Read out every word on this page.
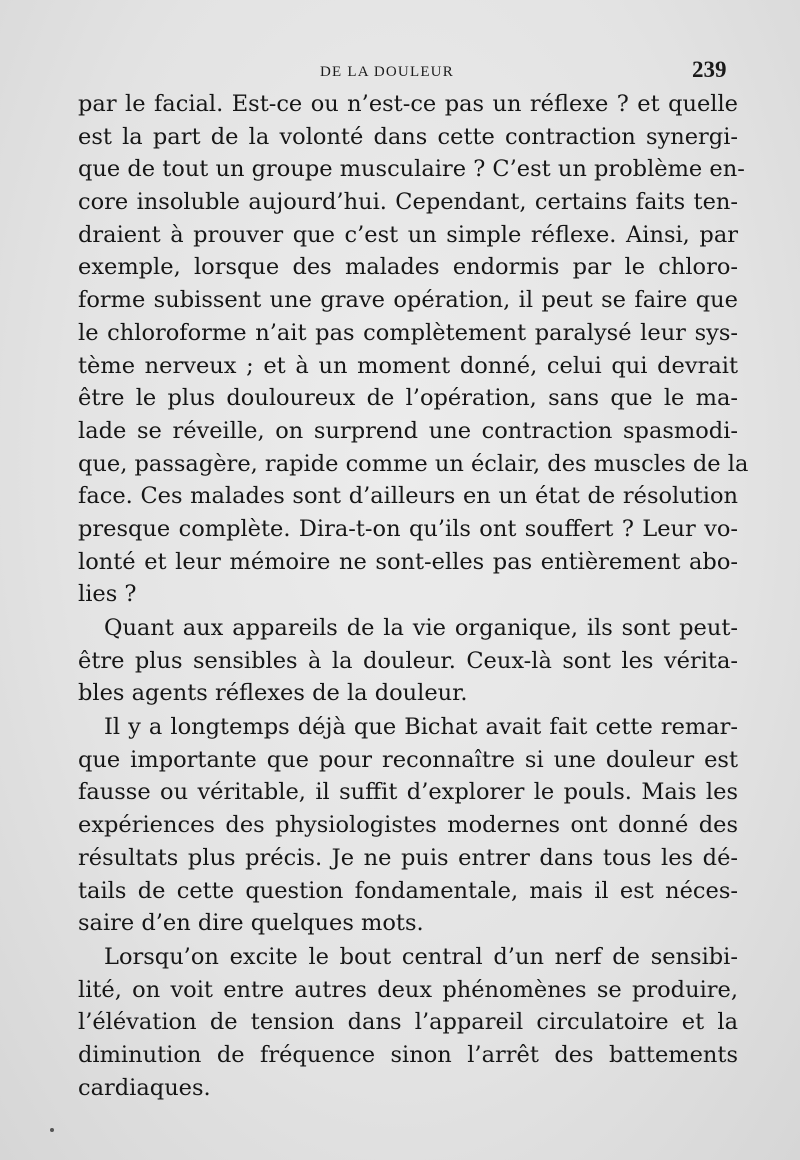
DE LA DOULEUR	239
par le facial. Est-ce ou n’est-ce pas un réflexe ? et quelle
est la part de la volonté dans cette contraction synergi-
que de tout un groupe musculaire ? C’est un problème en-
core insoluble aujourd’hui. Cependant, certains faits ten-
draient à prouver que c’est un simple réflexe. Ainsi, par
exemple, lorsque des malades endormis par le chloro-
forme subissent une grave opération, il peut se faire que
le chloroforme n’ait pas complètement paralysé leur sys-
tème nerveux ; et à un moment donné, celui qui devrait
être le plus douloureux de l’opération, sans que le ma-
lade se réveille, on surprend une contraction spasmodi-
que, passagère, rapide comme un éclair, des muscles de la
face. Ces malades sont d’ailleurs en un état de résolution
presque complète. Dira-t-on qu’ils ont souffert ? Leur vo-
lonté et leur mémoire ne sont-elles pas entièrement abo-
lies ?
Quant aux appareils de la vie organique, ils sont peut-
être plus sensibles à la douleur. Ceux-là sont les vérita-
bles agents réflexes de la douleur.
Il y a longtemps déjà que Bichat avait fait cette remar-
que importante que pour reconnaître si une douleur est
fausse ou véritable, il suffit d’explorer le pouls. Mais les
expériences des physiologistes modernes ont donné des
résultats plus précis. Je ne puis entrer dans tous les dé-
tails de cette question fondamentale, mais il est néces-
saire d’en dire quelques mots.
Lorsqu’on excite le bout central d’un nerf de sensibi-
lité, on voit entre autres deux phénomènes se produire,
l’élévation de tension dans l’appareil circulatoire et la
diminution de fréquence sinon l’arrêt des battements
cardiaques.
